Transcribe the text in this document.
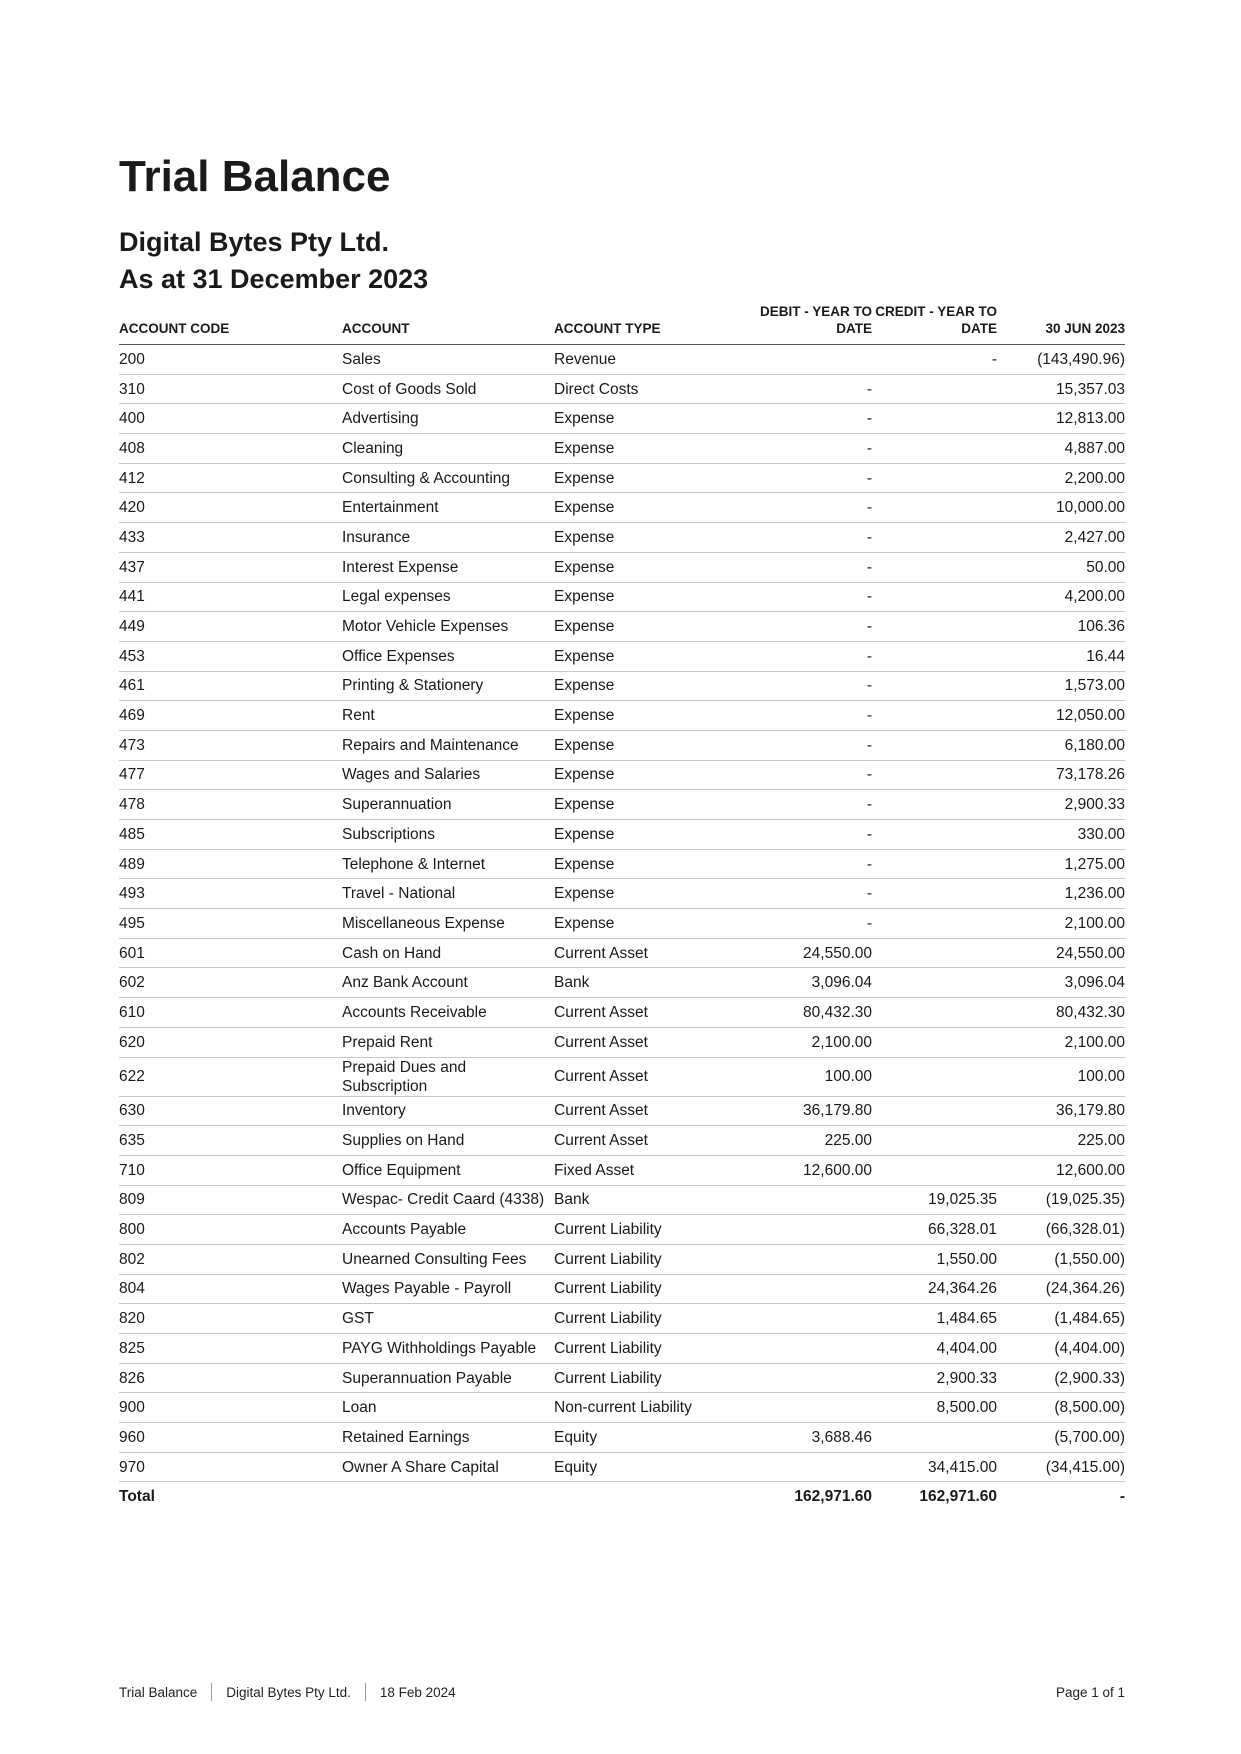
Trial Balance
Digital Bytes Pty Ltd.
As at 31 December 2023
ACCOUNT CODE	ACCOUNT	ACCOUNT TYPE	DEBIT - YEAR TO DATE	CREDIT - YEAR TO DATE	30 JUN 2023
200	Sales	Revenue		-	(143,490.96)
310	Cost of Goods Sold	Direct Costs	-		15,357.03
400	Advertising	Expense	-		12,813.00
408	Cleaning	Expense	-		4,887.00
412	Consulting & Accounting	Expense	-		2,200.00
420	Entertainment	Expense	-		10,000.00
433	Insurance	Expense	-		2,427.00
437	Interest Expense	Expense	-		50.00
441	Legal expenses	Expense	-		4,200.00
449	Motor Vehicle Expenses	Expense	-		106.36
453	Office Expenses	Expense	-		16.44
461	Printing & Stationery	Expense	-		1,573.00
469	Rent	Expense	-		12,050.00
473	Repairs and Maintenance	Expense	-		6,180.00
477	Wages and Salaries	Expense	-		73,178.26
478	Superannuation	Expense	-		2,900.33
485	Subscriptions	Expense	-		330.00
489	Telephone & Internet	Expense	-		1,275.00
493	Travel - National	Expense	-		1,236.00
495	Miscellaneous Expense	Expense	-		2,100.00
601	Cash on Hand	Current Asset	24,550.00		24,550.00
602	Anz Bank Account	Bank	3,096.04		3,096.04
610	Accounts Receivable	Current Asset	80,432.30		80,432.30
620	Prepaid Rent	Current Asset	2,100.00		2,100.00
622	Prepaid Dues and Subscription	Current Asset	100.00		100.00
630	Inventory	Current Asset	36,179.80		36,179.80
635	Supplies on Hand	Current Asset	225.00		225.00
710	Office Equipment	Fixed Asset	12,600.00		12,600.00
809	Wespac- Credit Caard (4338)	Bank		19,025.35	(19,025.35)
800	Accounts Payable	Current Liability		66,328.01	(66,328.01)
802	Unearned Consulting Fees	Current Liability		1,550.00	(1,550.00)
804	Wages Payable - Payroll	Current Liability		24,364.26	(24,364.26)
820	GST	Current Liability		1,484.65	(1,484.65)
825	PAYG Withholdings Payable	Current Liability		4,404.00	(4,404.00)
826	Superannuation Payable	Current Liability		2,900.33	(2,900.33)
900	Loan	Non-current Liability		8,500.00	(8,500.00)
960	Retained Earnings	Equity	3,688.46		(5,700.00)
970	Owner A Share Capital	Equity		34,415.00	(34,415.00)
Total			162,971.60	162,971.60	-
Trial Balance Digital Bytes Pty Ltd. 18 Feb 2024	Page 1 of 1
